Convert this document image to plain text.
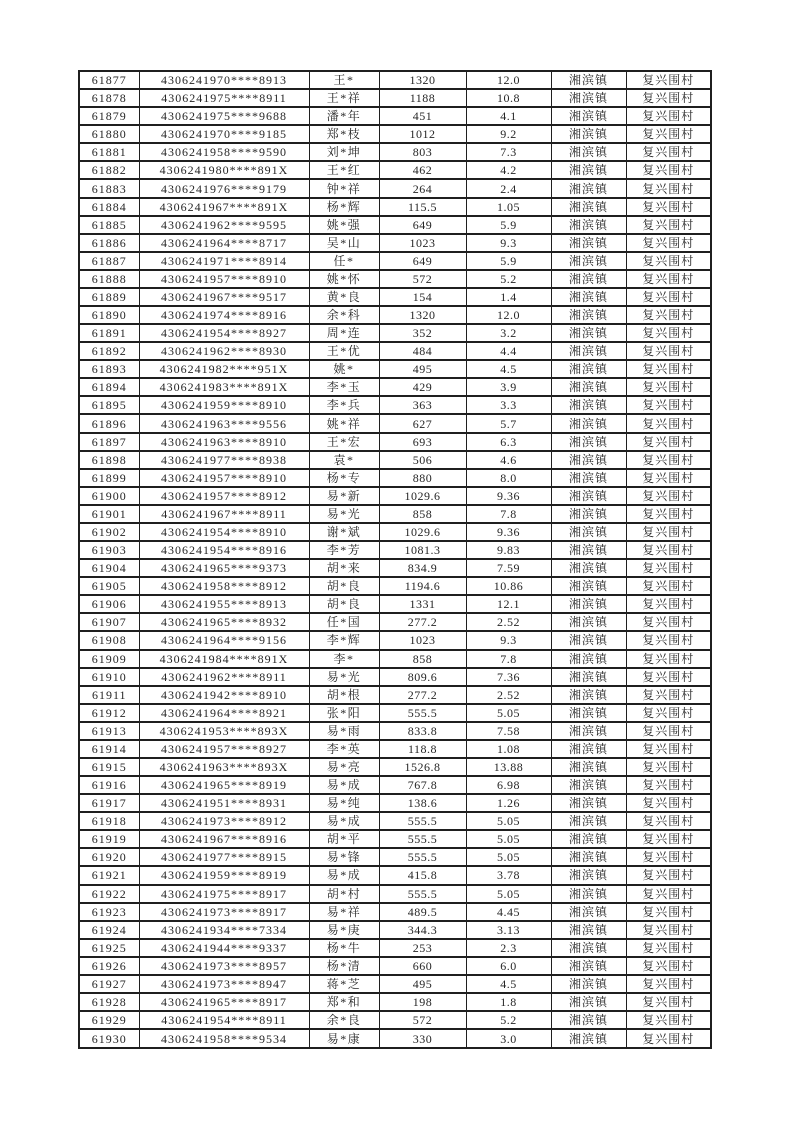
61877	4306241970****8913	王*	1320	12.0	湘滨镇	复兴围村
61878	4306241975****8911	王*祥	1188	10.8	湘滨镇	复兴围村
61879	4306241975****9688	潘*年	451	4.1	湘滨镇	复兴围村
61880	4306241970****9185	郑*枝	1012	9.2	湘滨镇	复兴围村
61881	4306241958****9590	刘*坤	803	7.3	湘滨镇	复兴围村
61882	4306241980****891X	王*红	462	4.2	湘滨镇	复兴围村
61883	4306241976****9179	钟*祥	264	2.4	湘滨镇	复兴围村
61884	4306241967****891X	杨*辉	115.5	1.05	湘滨镇	复兴围村
61885	4306241962****9595	姚*强	649	5.9	湘滨镇	复兴围村
61886	4306241964****8717	吴*山	1023	9.3	湘滨镇	复兴围村
61887	4306241971****8914	任*	649	5.9	湘滨镇	复兴围村
61888	4306241957****8910	姚*怀	572	5.2	湘滨镇	复兴围村
61889	4306241967****9517	黄*良	154	1.4	湘滨镇	复兴围村
61890	4306241974****8916	余*科	1320	12.0	湘滨镇	复兴围村
61891	4306241954****8927	周*连	352	3.2	湘滨镇	复兴围村
61892	4306241962****8930	王*优	484	4.4	湘滨镇	复兴围村
61893	4306241982****951X	姚*	495	4.5	湘滨镇	复兴围村
61894	4306241983****891X	李*玉	429	3.9	湘滨镇	复兴围村
61895	4306241959****8910	李*兵	363	3.3	湘滨镇	复兴围村
61896	4306241963****9556	姚*祥	627	5.7	湘滨镇	复兴围村
61897	4306241963****8910	王*宏	693	6.3	湘滨镇	复兴围村
61898	4306241977****8938	袁*	506	4.6	湘滨镇	复兴围村
61899	4306241957****8910	杨*专	880	8.0	湘滨镇	复兴围村
61900	4306241957****8912	易*新	1029.6	9.36	湘滨镇	复兴围村
61901	4306241967****8911	易*光	858	7.8	湘滨镇	复兴围村
61902	4306241954****8910	谢*斌	1029.6	9.36	湘滨镇	复兴围村
61903	4306241954****8916	李*芳	1081.3	9.83	湘滨镇	复兴围村
61904	4306241965****9373	胡*来	834.9	7.59	湘滨镇	复兴围村
61905	4306241958****8912	胡*良	1194.6	10.86	湘滨镇	复兴围村
61906	4306241955****8913	胡*良	1331	12.1	湘滨镇	复兴围村
61907	4306241965****8932	任*国	277.2	2.52	湘滨镇	复兴围村
61908	4306241964****9156	李*辉	1023	9.3	湘滨镇	复兴围村
61909	4306241984****891X	李*	858	7.8	湘滨镇	复兴围村
61910	4306241962****8911	易*光	809.6	7.36	湘滨镇	复兴围村
61911	4306241942****8910	胡*根	277.2	2.52	湘滨镇	复兴围村
61912	4306241964****8921	张*阳	555.5	5.05	湘滨镇	复兴围村
61913	4306241953****893X	易*雨	833.8	7.58	湘滨镇	复兴围村
61914	4306241957****8927	李*英	118.8	1.08	湘滨镇	复兴围村
61915	4306241963****893X	易*亮	1526.8	13.88	湘滨镇	复兴围村
61916	4306241965****8919	易*成	767.8	6.98	湘滨镇	复兴围村
61917	4306241951****8931	易*纯	138.6	1.26	湘滨镇	复兴围村
61918	4306241973****8912	易*成	555.5	5.05	湘滨镇	复兴围村
61919	4306241967****8916	胡*平	555.5	5.05	湘滨镇	复兴围村
61920	4306241977****8915	易*锋	555.5	5.05	湘滨镇	复兴围村
61921	4306241959****8919	易*成	415.8	3.78	湘滨镇	复兴围村
61922	4306241975****8917	胡*村	555.5	5.05	湘滨镇	复兴围村
61923	4306241973****8917	易*祥	489.5	4.45	湘滨镇	复兴围村
61924	4306241934****7334	易*庚	344.3	3.13	湘滨镇	复兴围村
61925	4306241944****9337	杨*牛	253	2.3	湘滨镇	复兴围村
61926	4306241973****8957	杨*清	660	6.0	湘滨镇	复兴围村
61927	4306241973****8947	蒋*芝	495	4.5	湘滨镇	复兴围村
61928	4306241965****8917	郑*和	198	1.8	湘滨镇	复兴围村
61929	4306241954****8911	余*良	572	5.2	湘滨镇	复兴围村
61930	4306241958****9534	易*康	330	3.0	湘滨镇	复兴围村
